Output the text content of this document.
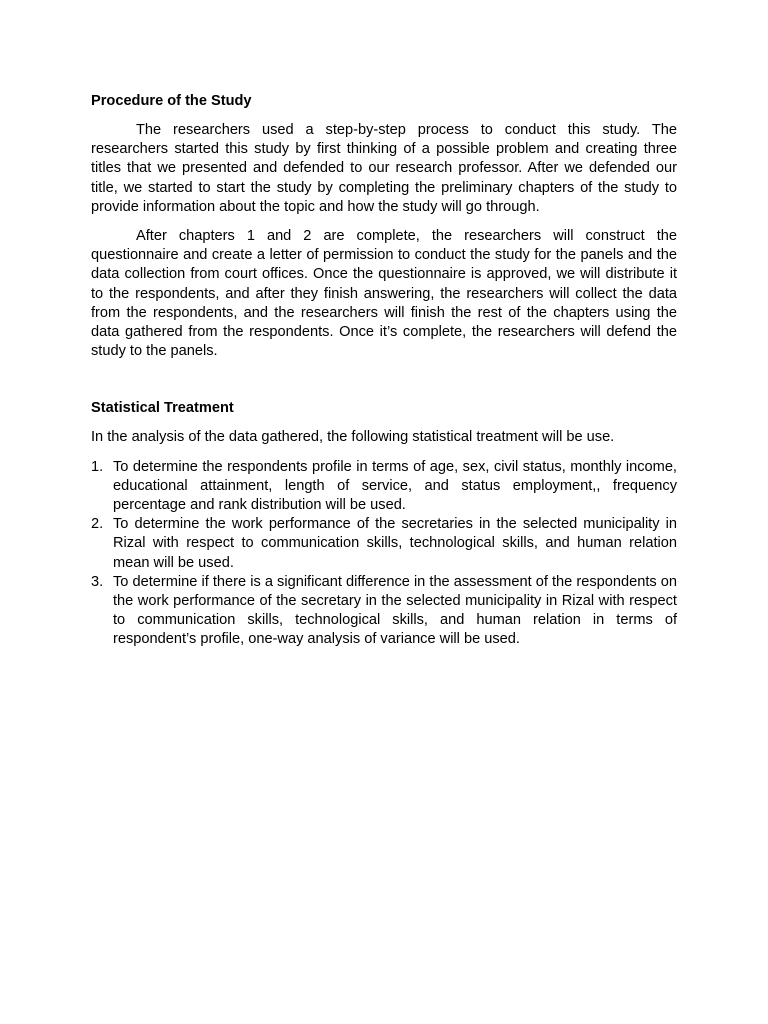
Procedure of the Study

The researchers used a step-by-step process to conduct this study. The researchers started this study by first thinking of a possible problem and creating three titles that we presented and defended to our research professor. After we defended our title, we started to start the study by completing the preliminary chapters of the study to provide information about the topic and how the study will go through.

After chapters 1 and 2 are complete, the researchers will construct the questionnaire and create a letter of permission to conduct the study for the panels and the data collection from court offices. Once the questionnaire is approved, we will distribute it to the respondents, and after they finish answering, the researchers will collect the data from the respondents, and the researchers will finish the rest of the chapters using the data gathered from the respondents. Once it’s complete, the researchers will defend the study to the panels.

Statistical Treatment

In the analysis of the data gathered, the following statistical treatment will be use.

1. To determine the respondents profile in terms of age, sex, civil status, monthly income, educational attainment, length of service, and status employment,, frequency percentage and rank distribution will be used.
2. To determine the work performance of the secretaries in the selected municipality in Rizal with respect to communication skills, technological skills, and human relation mean will be used.
3. To determine if there is a significant difference in the assessment of the respondents on the work performance of the secretary in the selected municipality in Rizal with respect to communication skills, technological skills, and human relation in terms of respondent’s profile, one-way analysis of variance will be used.
